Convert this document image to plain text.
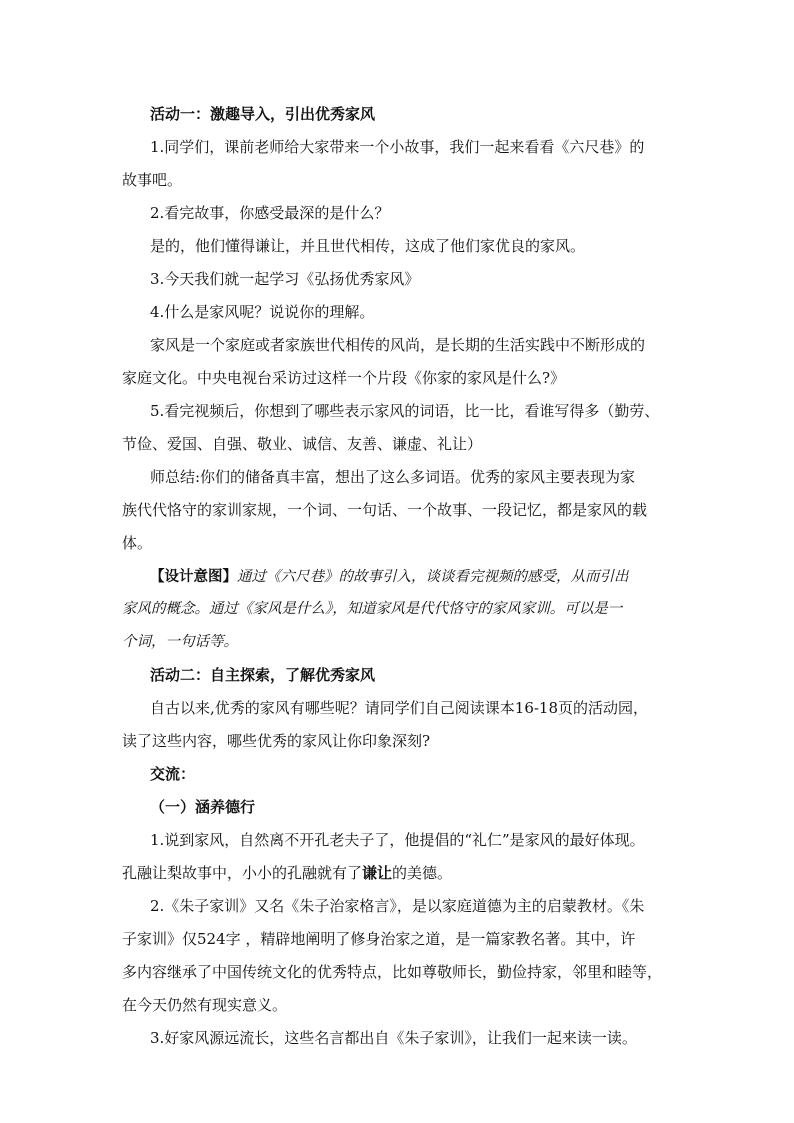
活动一：激趣导入，引出优秀家风
1.同学们，课前老师给大家带来一个小故事，我们一起来看看《六尺巷》的
故事吧。
2.看完故事，你感受最深的是什么？
是的，他们懂得谦让，并且世代相传，这成了他们家优良的家风。
3.今天我们就一起学习《弘扬优秀家风》
4.什么是家风呢？说说你的理解。
家风是一个家庭或者家族世代相传的风尚，是长期的生活实践中不断形成的
家庭文化。中央电视台采访过这样一个片段《你家的家风是什么?》
5.看完视频后，你想到了哪些表示家风的词语，比一比，看谁写得多（勤劳、
节俭、爱国、自强、敬业、诚信、友善、谦虚、礼让）
师总结:你们的储备真丰富，想出了这么多词语。优秀的家风主要表现为家
族代代恪守的家训家规，一个词、一句话、一个故事、一段记忆，都是家风的载
体。
【设计意图】通过《六尺巷》的故事引入，谈谈看完视频的感受，从而引出
家风的概念。通过《家风是什么》，知道家风是代代恪守的家风家训。可以是一
个词，一句话等。
活动二：自主探索，了解优秀家风
自古以来,优秀的家风有哪些呢？请同学们自己阅读课本16-18页的活动园，
读了这些内容，哪些优秀的家风让你印象深刻?
交流：
（一）涵养德行
1.说到家风，自然离不开孔老夫子了，他提倡的“礼仁”是家风的最好体现。
孔融让梨故事中，小小的孔融就有了谦让的美德。
2.《朱子家训》又名《朱子治家格言》，是以家庭道德为主的启蒙教材。《朱
子家训》仅524字 ，精辟地阐明了修身治家之道，是一篇家教名著。其中，许
多内容继承了中国传统文化的优秀特点，比如尊敬师长，勤俭持家，邻里和睦等，
在今天仍然有现实意义。
3.好家风源远流长，这些名言都出自《朱子家训》，让我们一起来读一读。
